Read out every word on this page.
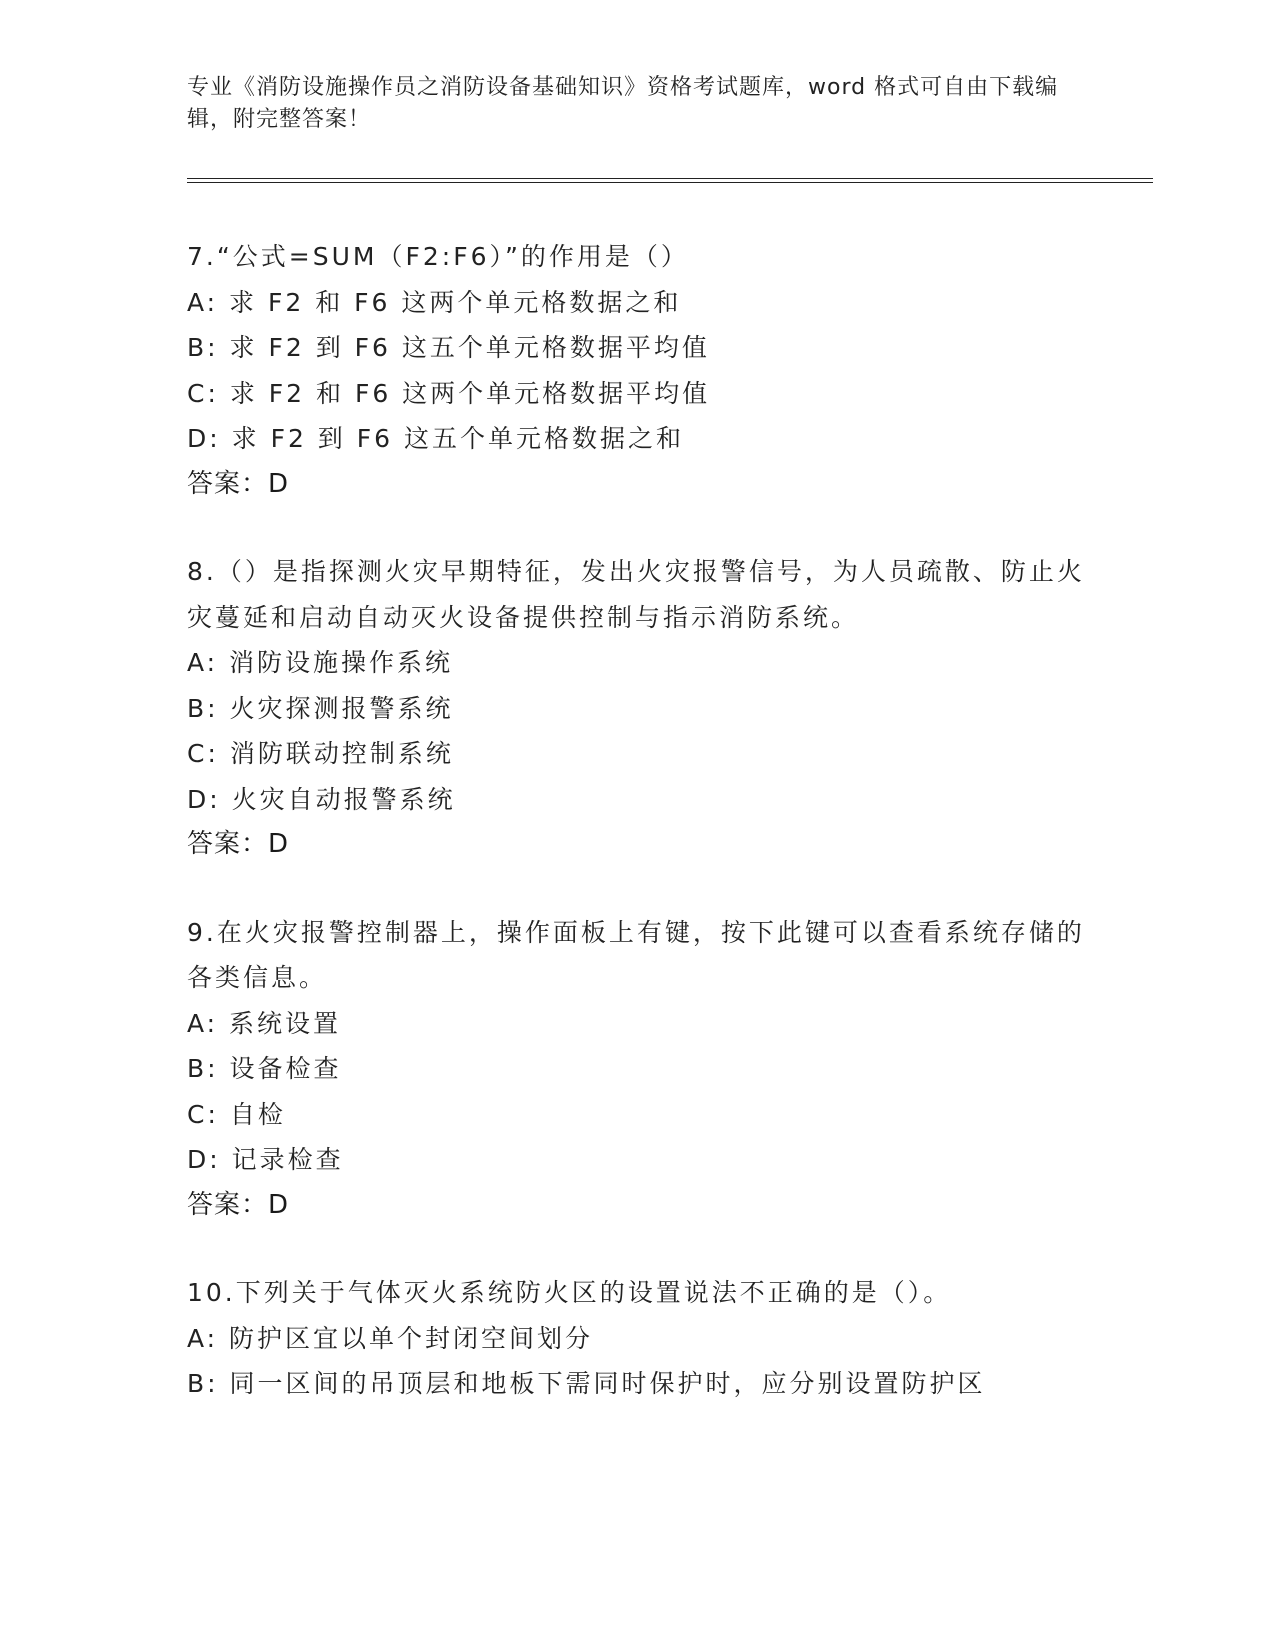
专业《消防设施操作员之消防设备基础知识》资格考试题库，word 格式可自由下载编辑，附完整答案！
7.“公式=SUM（F2:F6）”的作用是（）
A: 求 F2 和 F6 这两个单元格数据之和
B: 求 F2 到 F6 这五个单元格数据平均值
C: 求 F2 和 F6 这两个单元格数据平均值
D: 求 F2 到 F6 这五个单元格数据之和
答案：D
8.（）是指探测火灾早期特征，发出火灾报警信号，为人员疏散、防止火灾蔓延和启动自动灭火设备提供控制与指示消防系统。
A: 消防设施操作系统
B: 火灾探测报警系统
C: 消防联动控制系统
D: 火灾自动报警系统
答案：D
9.在火灾报警控制器上，操作面板上有键，按下此键可以查看系统存储的各类信息。
A: 系统设置
B: 设备检查
C: 自检
D: 记录检查
答案：D
10.下列关于气体灭火系统防火区的设置说法不正确的是（）。
A: 防护区宜以单个封闭空间划分
B: 同一区间的吊顶层和地板下需同时保护时，应分别设置防护区
